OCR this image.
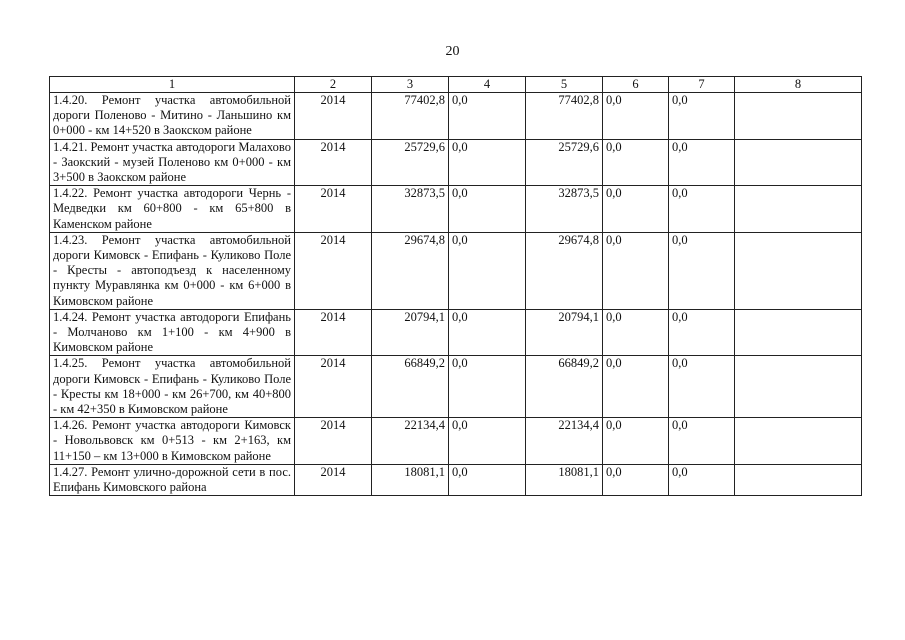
20
1	2	3	4	5	6	7	8
1.4.20. Ремонт участка автомобильной дороги Поленово - Митино - Ланьшино км 0+000 - км 14+520 в Заокском районе	2014	77402,8	0,0	77402,8	0,0	0,0	
1.4.21. Ремонт участка автодороги Малахово - Заокский - музей Поленово км 0+000 - км 3+500 в Заокском районе	2014	25729,6	0,0	25729,6	0,0	0,0	
1.4.22. Ремонт участка автодороги Чернь - Медведки км 60+800 - км 65+800 в Каменском районе	2014	32873,5	0,0	32873,5	0,0	0,0	
1.4.23. Ремонт участка автомобильной дороги Кимовск - Епифань - Куликово Поле - Кресты - автоподъезд к населенному пункту Муравлянка км 0+000 - км 6+000 в Кимовском районе	2014	29674,8	0,0	29674,8	0,0	0,0	
1.4.24. Ремонт участка автодороги Епифань - Молчаново км 1+100 - км 4+900 в Кимовском районе	2014	20794,1	0,0	20794,1	0,0	0,0	
1.4.25. Ремонт участка автомобильной дороги Кимовск - Епифань - Куликово Поле - Кресты км 18+000 - км 26+700, км 40+800 - км 42+350 в Кимовском районе	2014	66849,2	0,0	66849,2	0,0	0,0	
1.4.26. Ремонт участка автодороги Кимовск - Новольвовск км 0+513 - км 2+163, км 11+150 – км 13+000 в Кимовском районе	2014	22134,4	0,0	22134,4	0,0	0,0	
1.4.27. Ремонт улично-дорожной сети в пос. Епифань Кимовского района	2014	18081,1	0,0	18081,1	0,0	0,0	
